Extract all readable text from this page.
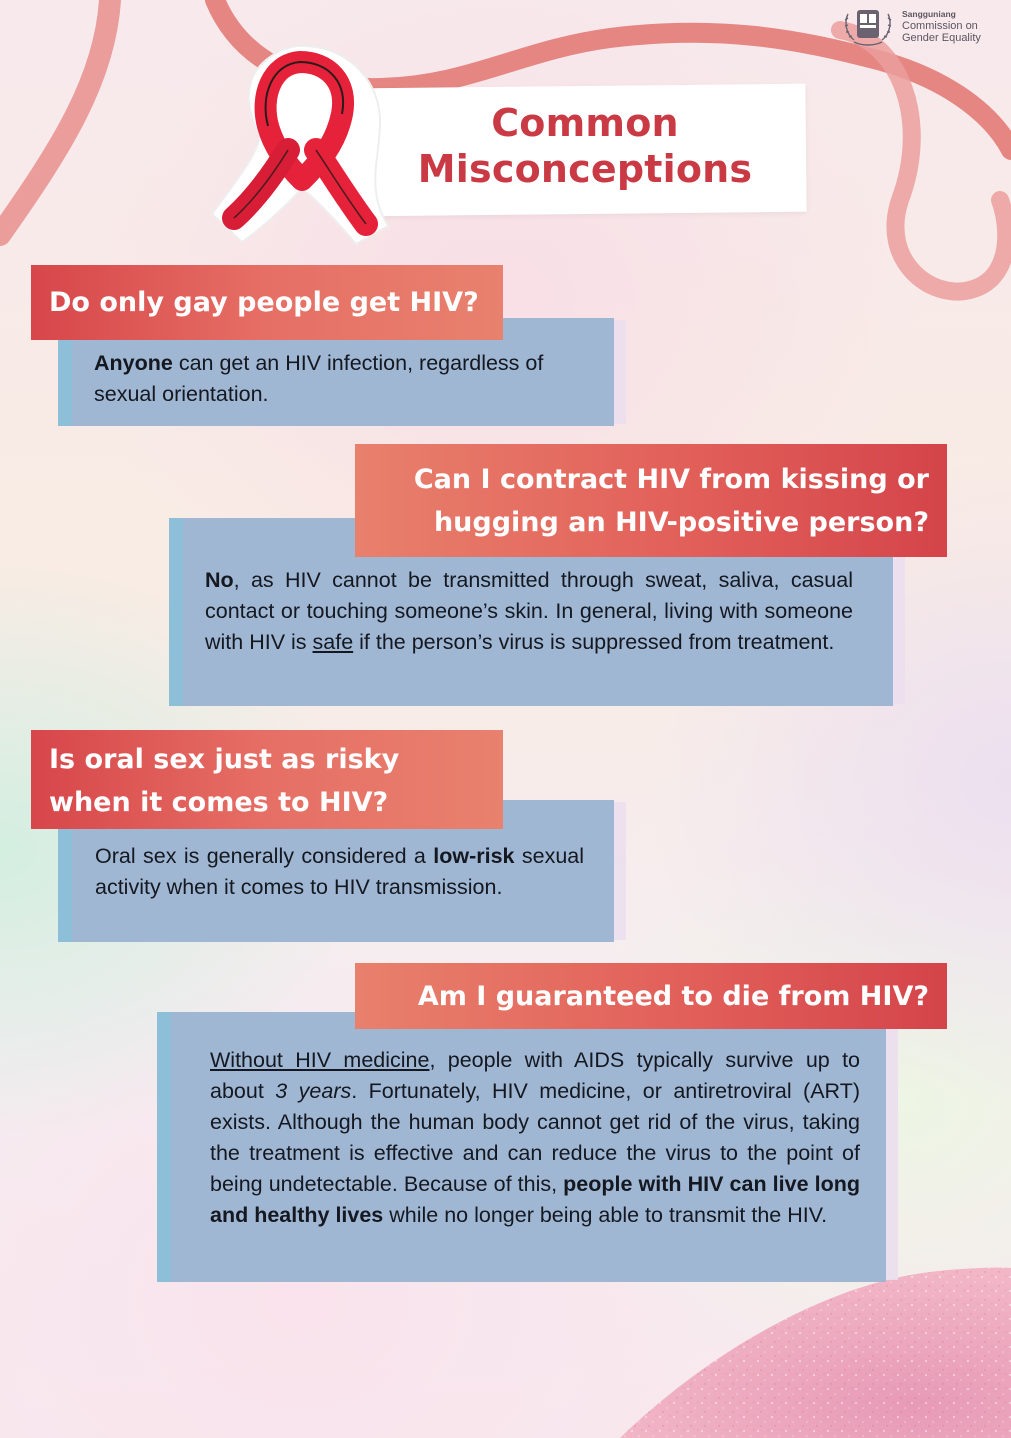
Sangguniang
Commission on
Gender Equality
Common
Misconceptions
Anyone can get an HIV infection, regardless of sexual orientation.
Do only gay people get HIV?
No, as HIV cannot be transmitted through sweat, saliva, casual contact or touching someone’s skin. In general, living with someone with HIV is safe if the person’s virus is suppressed from treatment.
Can I contract HIV from kissing or
hugging an HIV-positive person?
Oral sex is generally considered a low-risk sexual activity when it comes to HIV transmission.
Is oral sex just as risky
when it comes to HIV?
Without HIV medicine, people with AIDS typically survive up to about 3 years. Fortunately, HIV medicine, or antiretroviral (ART) exists. Although the human body cannot get rid of the virus, taking the treatment is effective and can reduce the virus to the point of being undetectable. Because of this, people with HIV can live long and healthy lives while no longer being able to transmit the HIV.
Am I guaranteed to die from HIV?
